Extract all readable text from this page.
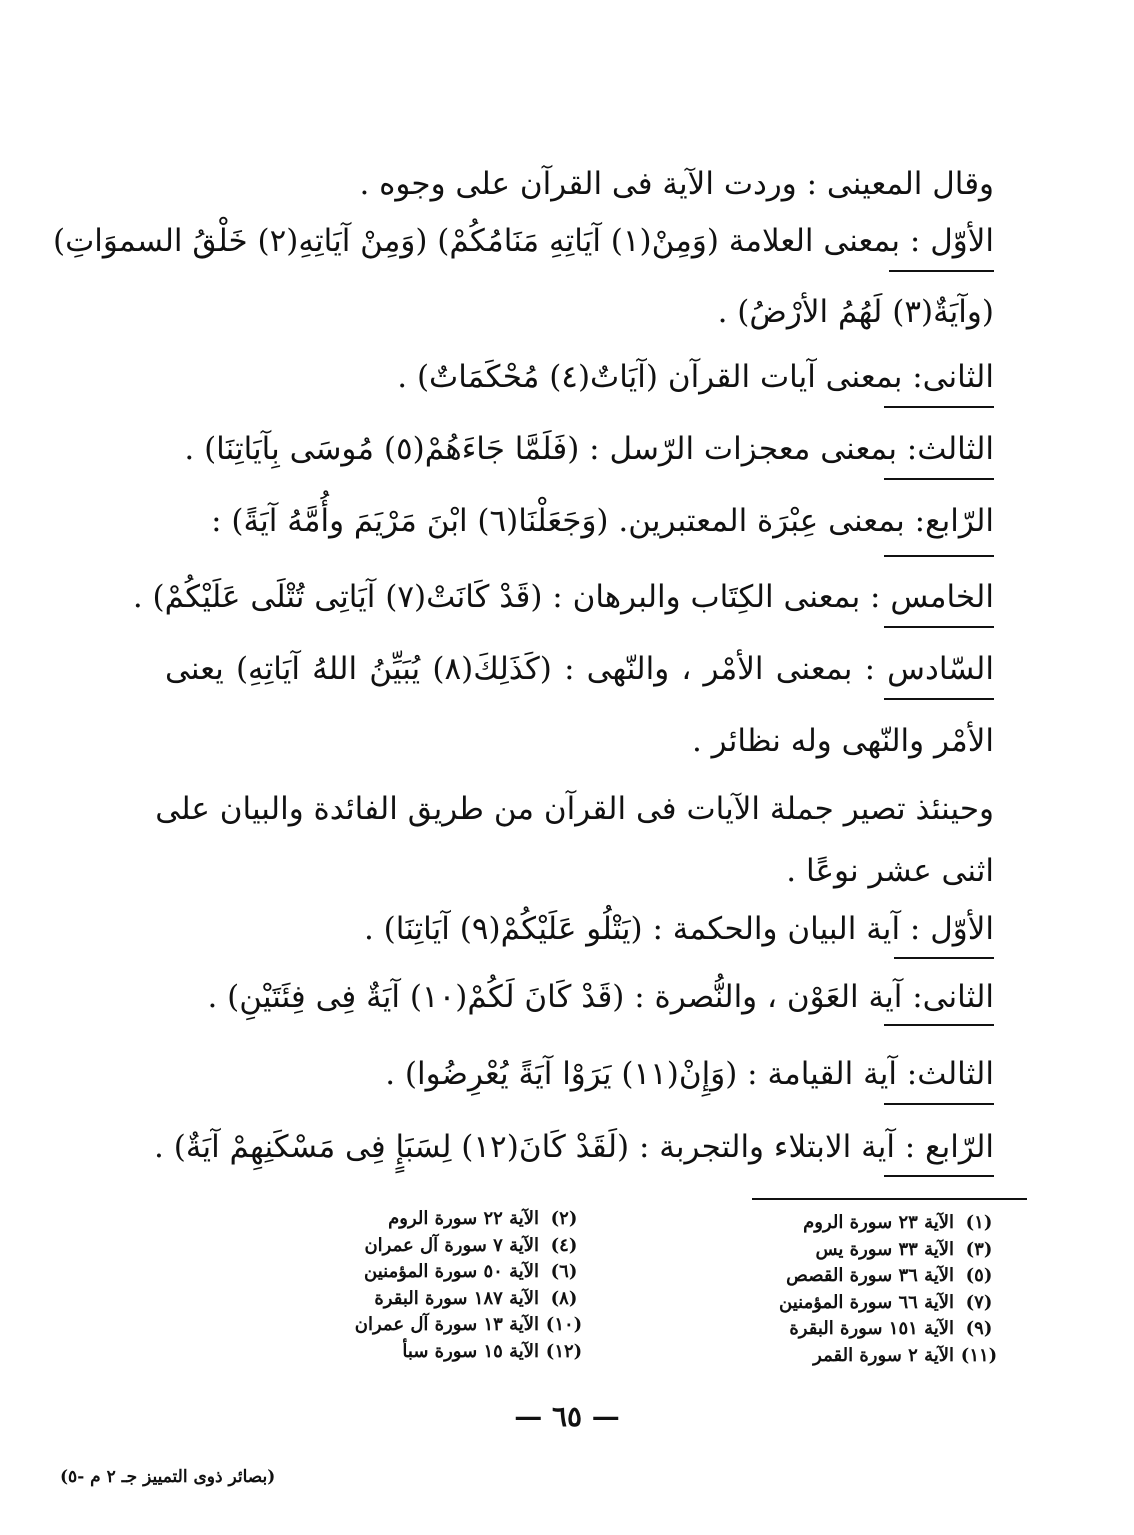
وقال المعينى : وردت الآية فى القرآن على وجوه .
الأوّل : بمعنى العلامة (وَمِنْ(١) آيَاتِهِ مَنَامُكُمْ) (وَمِنْ آيَاتِهِ(٢) خَلْقُ السموَاتِ)
(وآيَةٌ(٣) لَهُمُ الأرْضُ) .
الثانى: بمعنى آيات القرآن (آيَاتٌ(٤) مُحْكَمَاتٌ) .
الثالث: بمعنى معجزات الرّسل : (فَلَمَّا جَاءَهُمْ(٥) مُوسَى بِآيَاتِنَا) .
الرّابع: بمعنى عِبْرَة المعتبرين. (وَجَعَلْنَا(٦) ابْنَ مَرْيَمَ وأُمَّهُ آيَةً) :
الخامس : بمعنى الكِتَاب والبرهان : (قَدْ كَانَتْ(٧) آيَاتِى تُتْلَى عَلَيْكُمْ) .
السّادس : بمعنى الأمْر ، والنّهى : (كَذَلِكَ(٨) يُبَيِّنُ اللهُ آيَاتِهِ) يعنى
الأمْر والنّهى وله نظائر .
وحينئذ تصير جملة الآيات فى القرآن من طريق الفائدة والبيان على
اثنى عشر نوعًا .
الأوّل : آية البيان والحكمة : (يَتْلُو عَلَيْكُمْ(٩) آيَاتِنَا) .
الثانى: آية العَوْن ، والنُّصرة : (قَدْ كَانَ لَكُمْ(١٠) آيَةٌ فِى فِئَتَيْنِ) .
الثالث: آية القيامة : (وَإِنْ(١١) يَرَوْا آيَةً يُعْرِضُوا) .
الرّابع : آية الابتلاء والتجربة : (لَقَدْ كَانَ(١٢) لِسَبَإٍ فِى مَسْكَنِهِمْ آيَةٌ) .
(١)
الآية ٢٣ سورة الروم
(٣)
الآية ٣٣ سورة يس
(٥)
الآية ٣٦ سورة القصص
(٧)
الآية ٦٦ سورة المؤمنين
(٩)
الآية ١٥١ سورة البقرة
(١١)
الآية ٢ سورة القمر
(٢)
الآية ٢٢ سورة الروم
(٤)
الآية ٧ سورة آل عمران
(٦)
الآية ٥٠ سورة المؤمنين
(٨)
الآية ١٨٧ سورة البقرة
(١٠)
الآية ١٣ سورة آل عمران
(١٢)
الآية ١٥ سورة سبأ
— ٦٥ —
(بصائر ذوى التمييز جـ ٢ م -٥)
